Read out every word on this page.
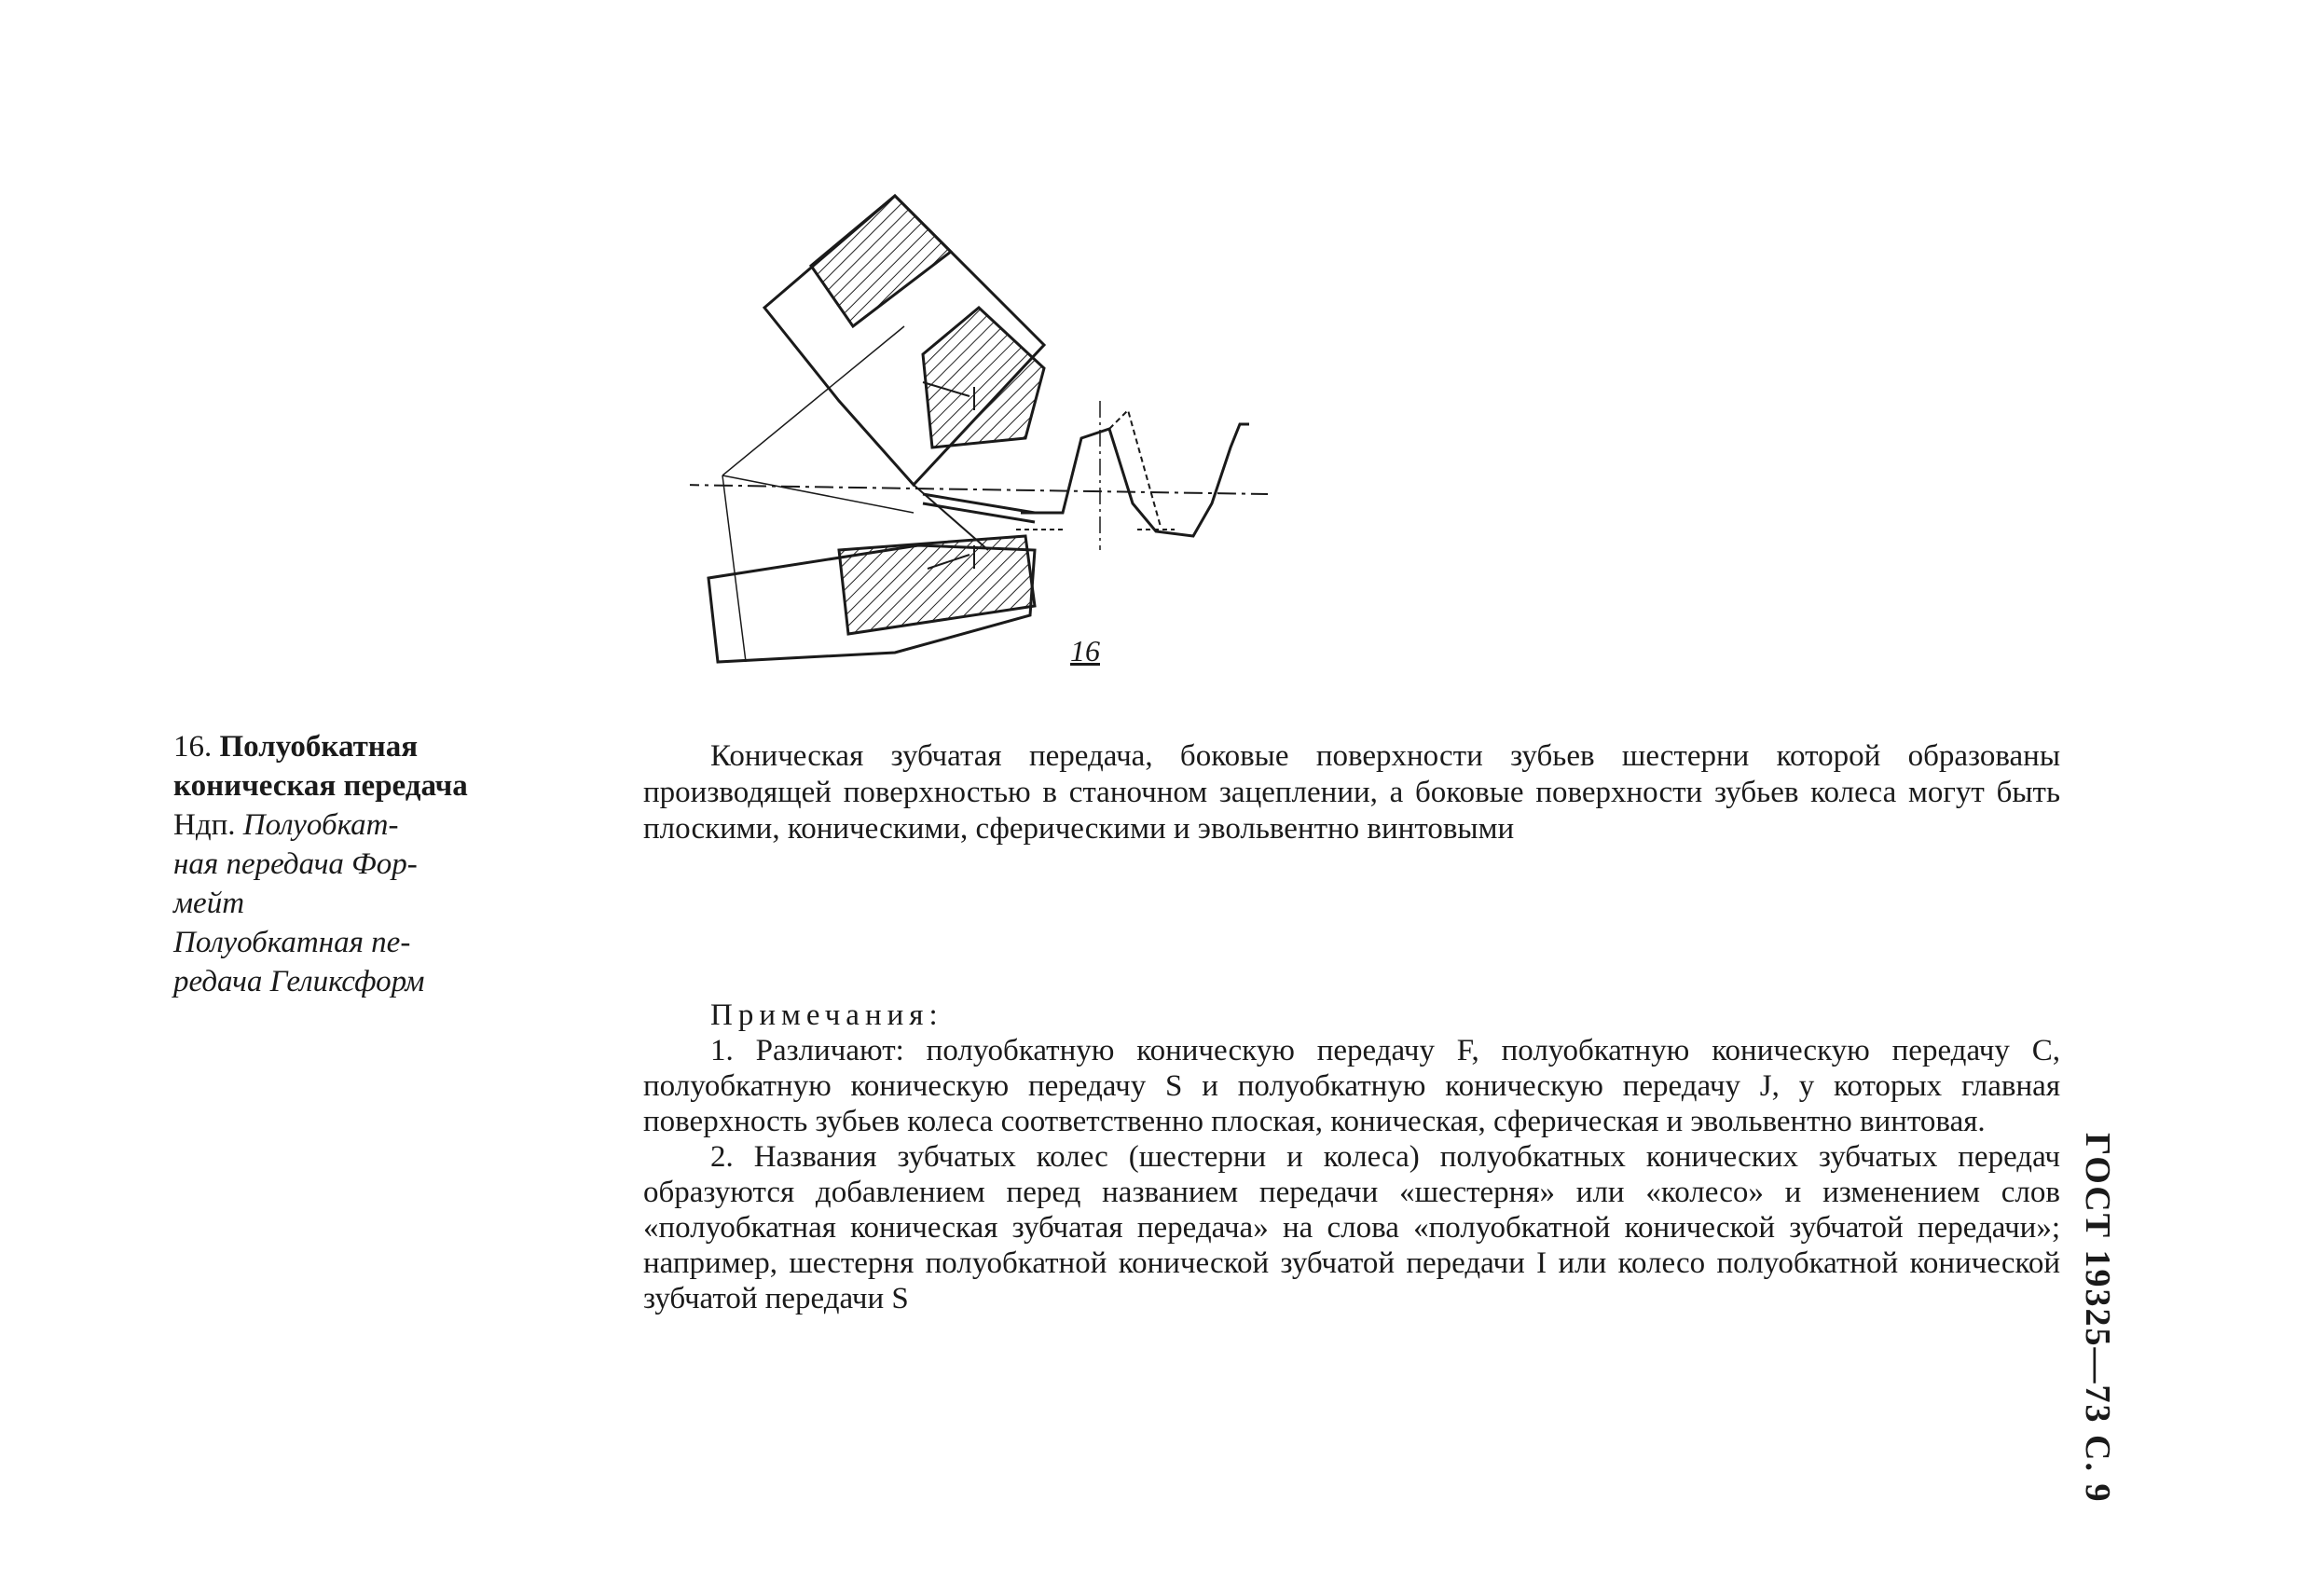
16
16. Полуобкатная
коническая передача
Ндп. Полуобкат-
ная передача Фор-
мейт
Полуобкатная пе-
редача Геликсформ

Коническая зубчатая передача, боковые поверхности зубьев шестерни которой образованы производящей поверхностью в станочном зацеплении, а боковые поверхности зубьев колеса могут быть плоскими, коническими, сферическими и эвольвентно винтовыми

Примечания:

1. Различают: полуобкатную коническую передачу F, полуобкатную коническую передачу C, полуобкатную коническую передачу S и полуобкатную коническую передачу J, у которых главная поверхность зубьев колеса соответственно плоская, коническая, сферическая и эвольвентно винтовая.

2. Названия зубчатых колес (шестерни и колеса) полуобкатных конических зубчатых передач образуются добавлением перед названием передачи «шестерня» или «колесо» и изменением слов «полуобкатная коническая зубчатая передача» на слова «полуобкатной конической зубчатой передачи»; например, шестерня полуобкатной конической зубчатой передачи I или колесо полуобкатной конической зубчатой передачи S	ГОСТ 19325—73 С. 9
